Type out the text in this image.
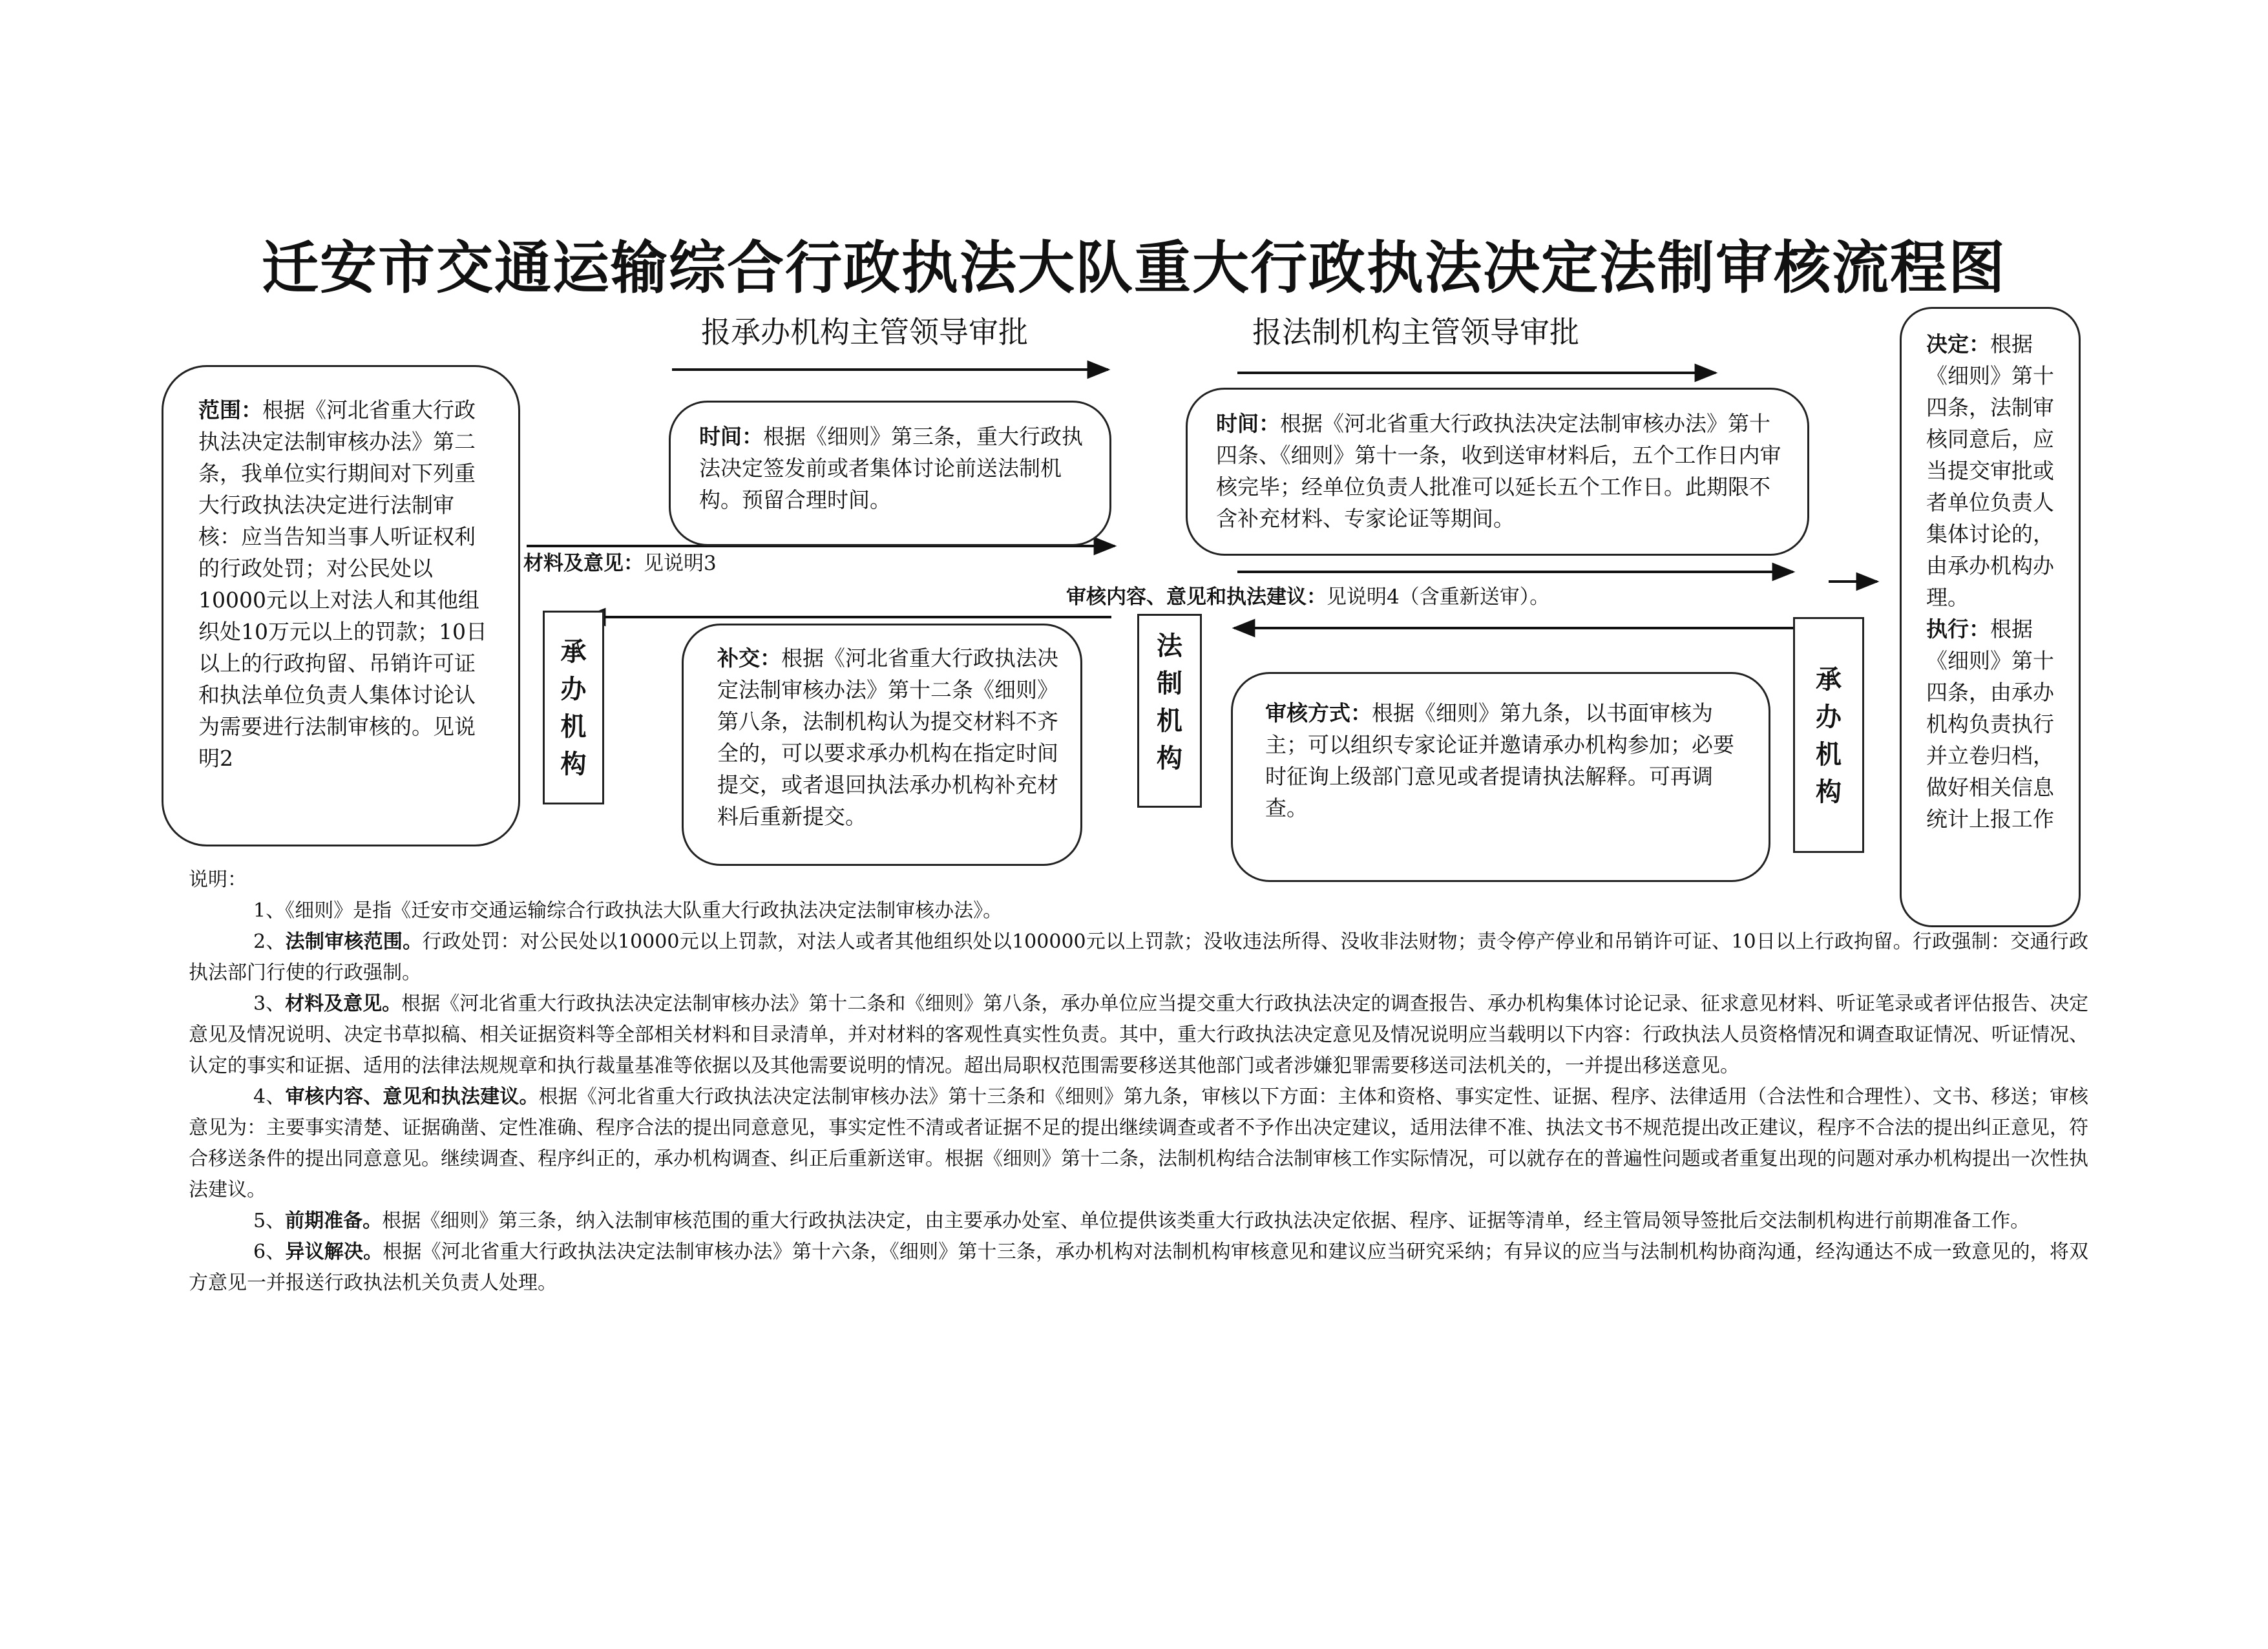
迁安市交通运输综合行政执法大队重大行政执法决定法制审核流程图
报承办机构主管领导审批	报法制机构主管领导审批
范围：根据《河北省重大行政执法决定法制审核办法》第二条，我单位实行期间对下列重大行政执法决定进行法制审核：应当告知当事人听证权利的行政处罚；对公民处以10000元以上对法人和其他组织处10万元以上的罚款；10日以上的行政拘留、吊销许可证和执法单位负责人集体讨论认为需要进行法制审核的。见说明2
时间：根据《细则》第三条，重大行政执法决定签发前或者集体讨论前送法制机构。预留合理时间。
时间：根据《河北省重大行政执法决定法制审核办法》第十四条、《细则》第十一条，收到送审材料后，五个工作日内审核完毕；经单位负责人批准可以延长五个工作日。此期限不含补充材料、专家论证等期间。
材料及意见：见说明3
审核内容、意见和执法建议：见说明4（含重新送审）。
承
办
机
构
法
制
机
构
承
办
机
构
补交：根据《河北省重大行政执法决定法制审核办法》第十二条《细则》第八条，法制机构认为提交材料不齐全的，可以要求承办机构在指定时间提交，或者退回执法承办机构补充材料后重新提交。
审核方式：根据《细则》第九条，以书面审核为主；可以组织专家论证并邀请承办机构参加；必要时征询上级部门意见或者提请执法解释。可再调查。
决定：根据《细则》第十四条，法制审核同意后，应当提交审批或者单位负责人集体讨论的，由承办机构办理。
执行：根据《细则》第十四条，由承办机构负责执行并立卷归档，做好相关信息统计上报工作
说明：

1、《细则》是指《迁安市交通运输综合行政执法大队重大行政执法决定法制审核办法》。

2、法制审核范围。行政处罚：对公民处以10000元以上罚款，对法人或者其他组织处以100000元以上罚款；没收违法所得、没收非法财物；责令停产停业和吊销许可证、10日以上行政拘留。行政强制：交通行政执法部门行使的行政强制。

3、材料及意见。根据《河北省重大行政执法决定法制审核办法》第十二条和《细则》第八条，承办单位应当提交重大行政执法决定的调查报告、承办机构集体讨论记录、征求意见材料、听证笔录或者评估报告、决定意见及情况说明、决定书草拟稿、相关证据资料等全部相关材料和目录清单，并对材料的客观性真实性负责。其中，重大行政执法决定意见及情况说明应当载明以下内容：行政执法人员资格情况和调查取证情况、听证情况、认定的事实和证据、适用的法律法规规章和执行裁量基准等依据以及其他需要说明的情况。超出局职权范围需要移送其他部门或者涉嫌犯罪需要移送司法机关的，一并提出移送意见。

4、审核内容、意见和执法建议。根据《河北省重大行政执法决定法制审核办法》第十三条和《细则》第九条，审核以下方面：主体和资格、事实定性、证据、程序、法律适用（合法性和合理性）、文书、移送；审核意见为：主要事实清楚、证据确凿、定性准确、程序合法的提出同意意见，事实定性不清或者证据不足的提出继续调查或者不予作出决定建议，适用法律不准、执法文书不规范提出改正建议，程序不合法的提出纠正意见，符合移送条件的提出同意意见。继续调查、程序纠正的，承办机构调查、纠正后重新送审。根据《细则》第十二条，法制机构结合法制审核工作实际情况，可以就存在的普遍性问题或者重复出现的问题对承办机构提出一次性执法建议。

5、前期准备。根据《细则》第三条，纳入法制审核范围的重大行政执法决定，由主要承办处室、单位提供该类重大行政执法决定依据、程序、证据等清单，经主管局领导签批后交法制机构进行前期准备工作。

6、异议解决。根据《河北省重大行政执法决定法制审核办法》第十六条，《细则》第十三条，承办机构对法制机构审核意见和建议应当研究采纳；有异议的应当与法制机构协商沟通，经沟通达不成一致意见的，将双方意见一并报送行政执法机关负责人处理。
